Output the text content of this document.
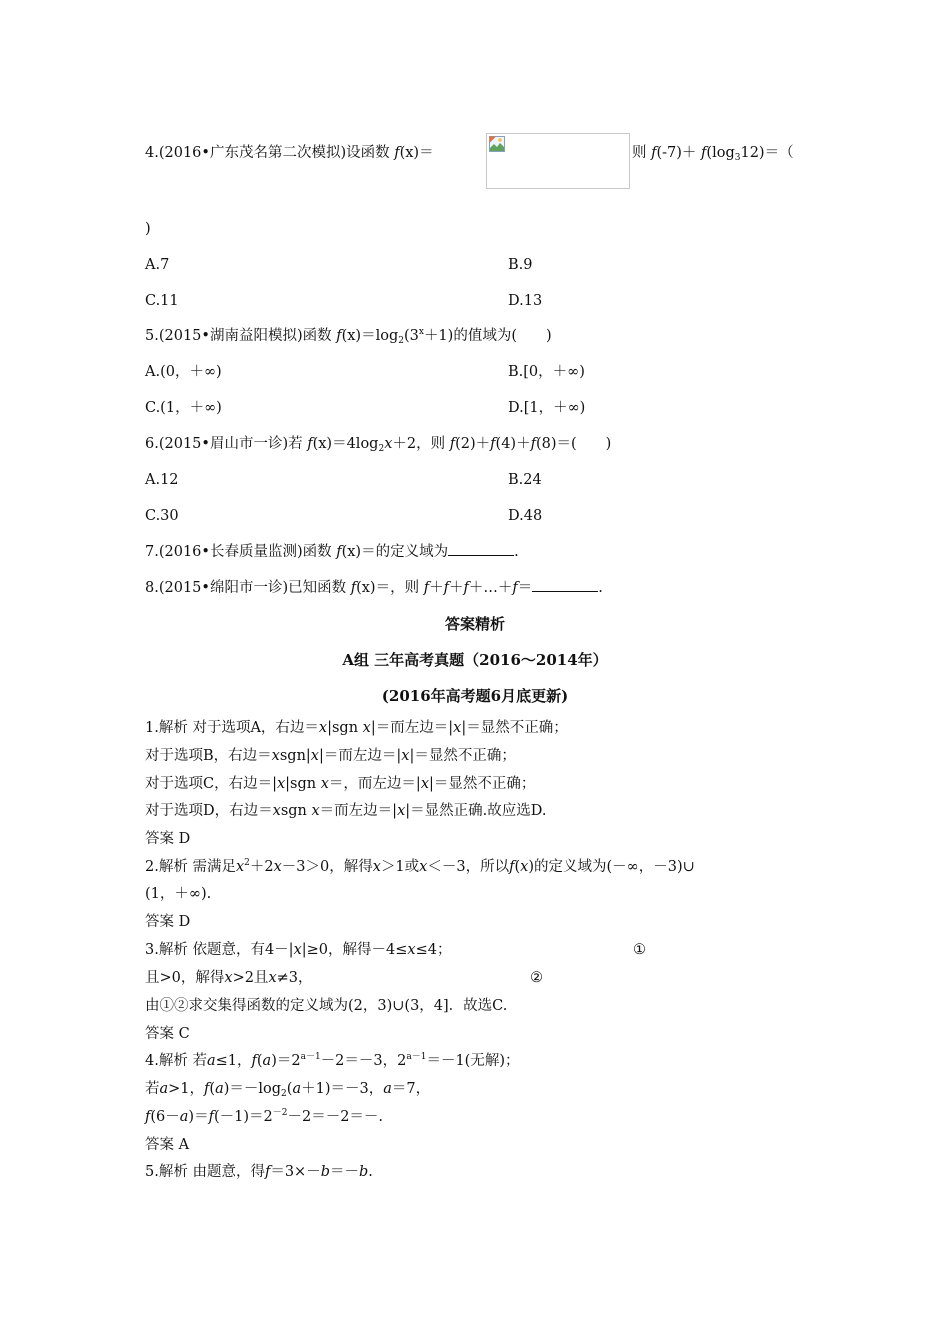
4.(2016•广东茂名第二次模拟)设函数 f(x)＝	则 $f(-7)+ f(\log_312)=$（
)
A.7	B.9
C.11	D.13
5.(2015•湖南益阳模拟)函数 $f(x)=\log_2(3^x+1)$的值域为(　　)
A.(0，＋∞)	B.[0，＋∞)
C.(1，＋∞)	D.[1，＋∞)
6.(2015•眉山市一诊)若 $f(x)=4\log_2x+2$，则 f(2)＋f(4)＋f(8)＝(　　)
A.12	B.24
C.30	D.48
7.(2016•长春质量监测)函数 f(x)＝的定义域为	.
8.(2015•绵阳市一诊)已知函数 f(x)＝，则 f＋f＋f＋…＋f＝	.
答案精析
A组 三年高考真题（2016～2014年）
(2016年高考题6月底更新)
1.解析 对于选项A，右边＝x|sgn x|＝而左边＝|x|＝显然不正确；
对于选项B，右边＝xsgn|x|＝而左边＝|x|＝显然不正确；
对于选项C，右边＝|x|sgn x＝，而左边＝|x|＝显然不正确；
对于选项D，右边＝xsgn x＝而左边＝|x|＝显然正确.故应选D.
答案 D
2.解析 需满足$x^2+2x-3>0$，解得x＞1或x＜－3，所以f(x)的定义域为(－∞，－3)∪
(1，＋∞).
答案 D
3.解析 依题意，有4－|x|≥0，解得－4≤x≤4；	①
且>0，解得x>2且x≠3，	②
由①②求交集得函数的定义域为(2，3)∪(3，4]．故选C.
答案 C
4.解析 若a≤1，$f(a)=2^{a-1}-2=-3$，$2^{a-1}=-1$(无解)；
若a>1，$f(a)=-\log_2(a+1)=-3$，a＝7，
$f(6-a)=f(-1)=2^{-2}-2=-2=-$.
答案 A
5.解析 由题意，得f＝3×－b＝－b.
